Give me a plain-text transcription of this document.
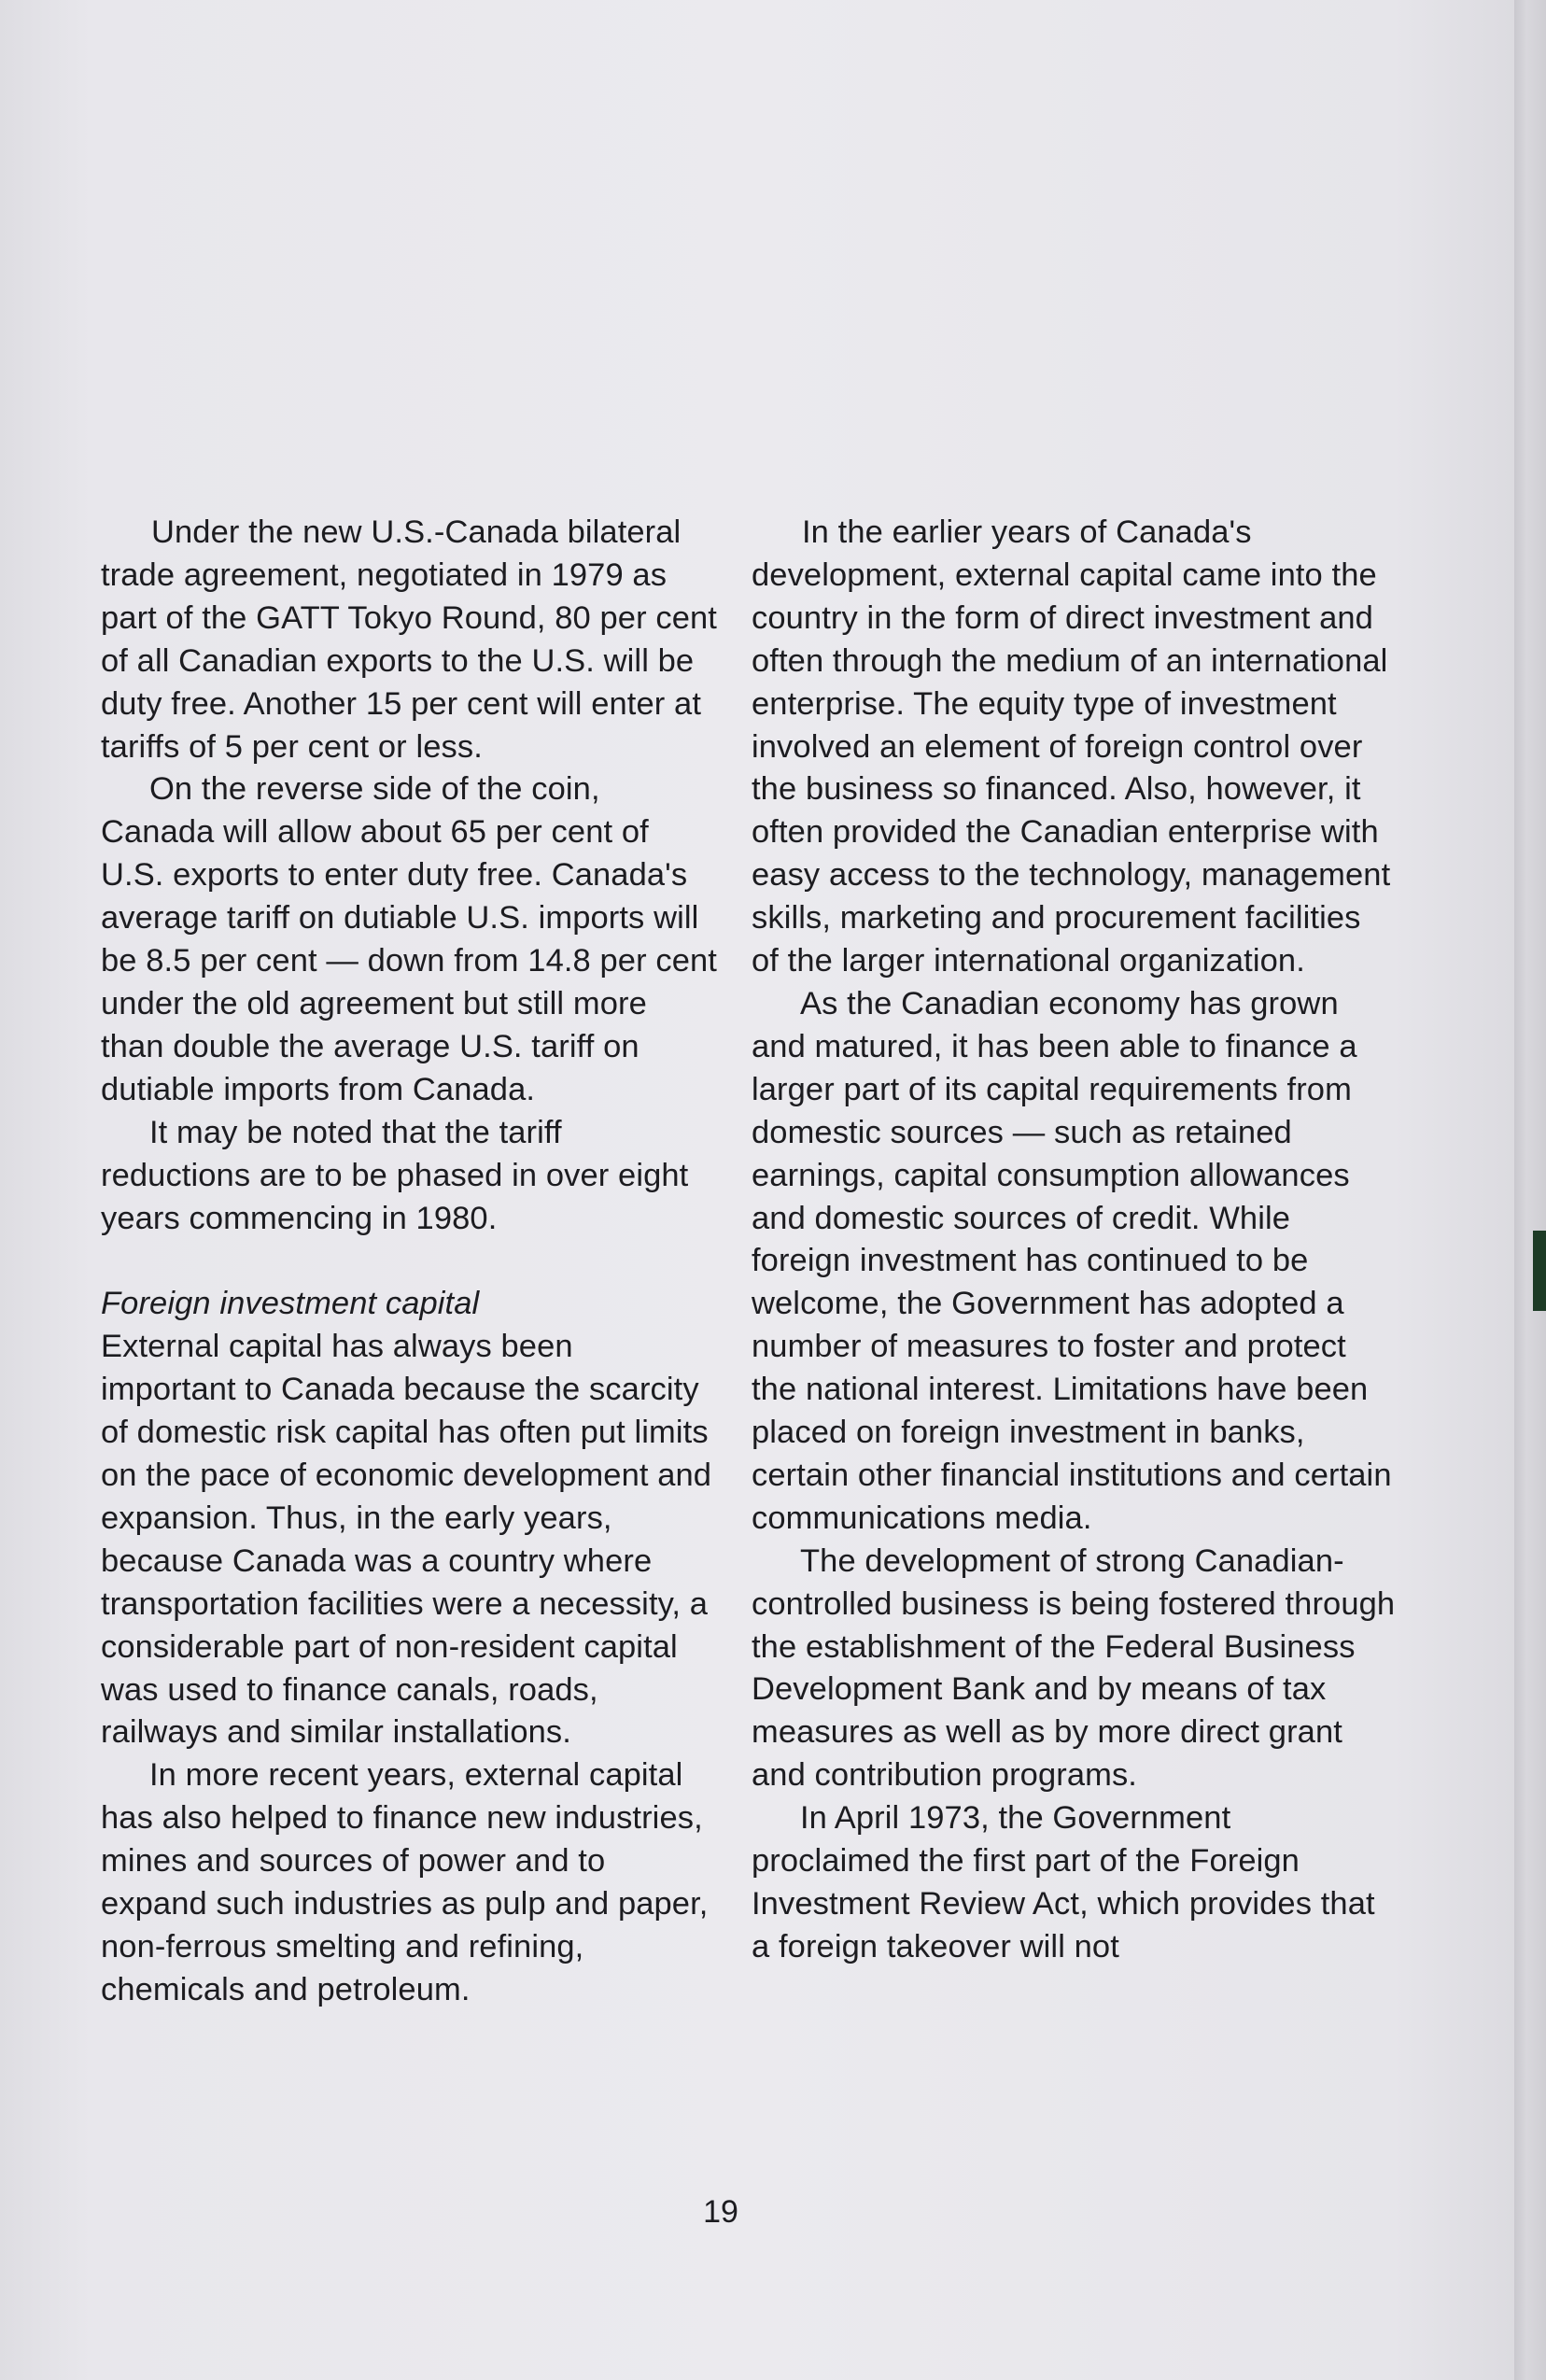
Under the new U.S.-Canada bilateral trade agreement, negotiated in 1979 as part of the GATT Tokyo Round, 80 per cent of all Canadian exports to the U.S. will be duty free. Another 15 per cent will enter at tariffs of 5 per cent or less.

On the reverse side of the coin, Canada will allow about 65 per cent of U.S. exports to enter duty free. Canada's average tariff on dutiable U.S. imports will be 8.5 per cent — down from 14.8 per cent under the old agreement but still more than double the average U.S. tariff on dutiable imports from Canada.

It may be noted that the tariff reductions are to be phased in over eight years commencing in 1980.

Foreign investment capital

External capital has always been important to Canada because the scarcity of domestic risk capital has often put limits on the pace of economic development and expansion. Thus, in the early years, because Canada was a country where transportation facilities were a necessity, a considerable part of non-resident capital was used to finance canals, roads, railways and similar installations.

In more recent years, external capital has also helped to finance new industries, mines and sources of power and to expand such industries as pulp and paper, non-ferrous smelting and refining, chemicals and petroleum.

In the earlier years of Canada's development, external capital came into the country in the form of direct investment and often through the medium of an international enterprise. The equity type of investment involved an element of foreign control over the business so financed. Also, however, it often provided the Canadian enterprise with easy access to the technology, management skills, marketing and procurement facilities of the larger international organization.

As the Canadian economy has grown and matured, it has been able to finance a larger part of its capital requirements from domestic sources — such as retained earnings, capital consumption allowances and domestic sources of credit. While foreign investment has continued to be welcome, the Government has adopted a number of measures to foster and protect the national interest. Limitations have been placed on foreign investment in banks, certain other financial institutions and certain communications media.

The development of strong Canadian-controlled business is being fostered through the establishment of the Federal Business Development Bank and by means of tax measures as well as by more direct grant and contribution programs.

In April 1973, the Government proclaimed the first part of the Foreign Investment Review Act, which provides that a foreign takeover will not

19
